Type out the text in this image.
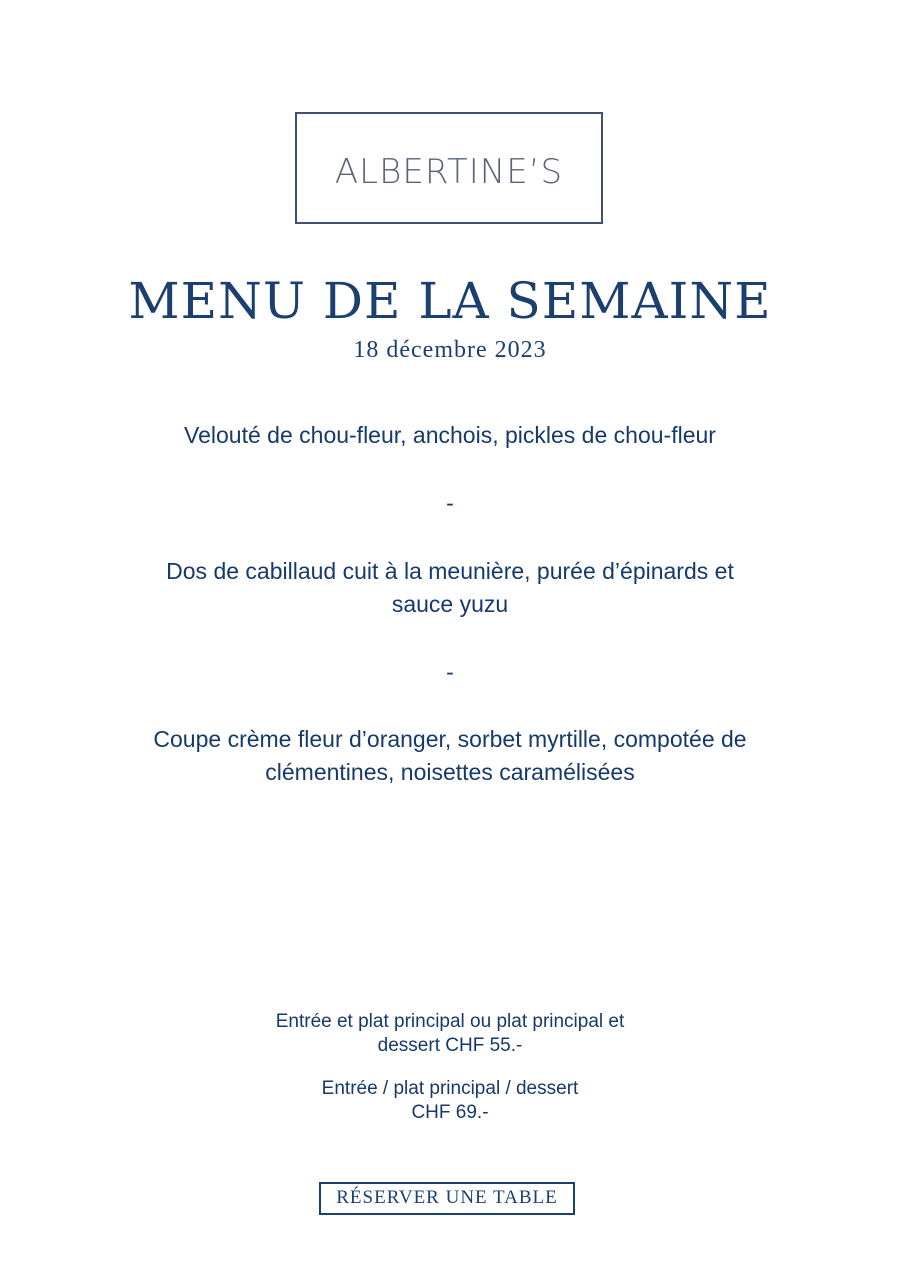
ALBERTINE’S
MENU DE LA SEMAINE
18 décembre 2023
Velouté de chou-fleur, anchois, pickles de chou-fleur
-
Dos de cabillaud cuit à la meunière, purée d’épinards et
sauce yuzu
-
Coupe crème fleur d’oranger, sorbet myrtille, compotée de
clémentines, noisettes caramélisées
Entrée et plat principal ou plat principal et
dessert CHF 55.-
Entrée / plat principal / dessert
CHF 69.-
RÉSERVER UNE TABLE
